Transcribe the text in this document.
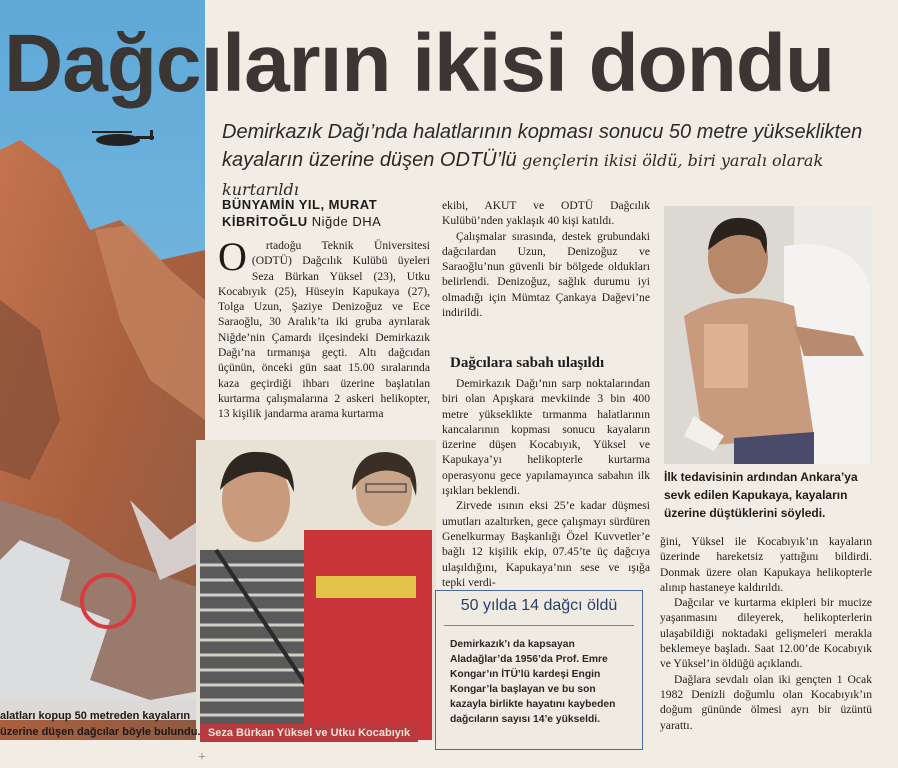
Dağcıların ikisi dondu
Demirkazık Dağı’nda halatlarının kopması sonucu 50 metre yükseklikten
kayaların üzerine düşen ODTÜ’lü gençlerin ikisi öldü, biri yaralı olarak kurtarıldı
BÜNYAMİN YIL, MURAT
KİBRİTOĞLU Niğde DHA
O	rtadoğu Teknik Üniversitesi (ODTÜ) Dağcılık Kulübü üyeleri Seza Bürkan Yüksel (23), Utku Kocabıyık (25), Hüseyin Kapukaya (27), Tolga Uzun, Şaziye Denizoğuz ve Ece Saraoğlu, 30 Aralık’ta iki gruba ayrılarak Niğde’nin Çamardı ilçesindeki Demirkazık Dağı’na tırmanışa geçti. Altı dağcıdan üçünün, önceki gün saat 15.00 sıralarında kaza geçirdiği ihbarı üzerine başlatılan kurtarma çalışmalarına 2 askeri helikopter, 13 kişilik jandarma arama kurtarma

Seza Bürkan Yüksel ve Utku Kocabıyık
alatları kopup 50 metreden kayaların üzerine düşen dağcılar böyle bulundu.

ekibi, AKUT ve ODTÜ Dağcılık Kulübü’nden yaklaşık 40 kişi katıldı.

Çalışmalar sırasında, destek grubundaki dağcılardan Uzun, Denizoğuz ve Saraoğlu’nun güvenli bir bölgede oldukları belirlendi. Denizoğuz, sağlık durumu iyi olmadığı için Mümtaz Çankaya Dağevi’ne indirildi.

Dağcılara sabah ulaşıldı

Demirkazık Dağı’nın sarp noktalarından biri olan Apışkara mevkiinde 3 bin 400 metre yükseklikte tırmanma halatlarının kancalarının kopması sonucu kayaların üzerine düşen Kocabıyık, Yüksel ve Kapukaya’yı helikopterle kurtarma operasyonu gece yapılamayınca sabahın ilk ışıkları beklendi.

Zirvede ısının eksi 25’e kadar düşmesi umutları azaltırken, gece çalışmayı sürdüren Genelkurmay Başkanlığı Özel Kuvvetler’e bağlı 12 kişilik ekip, 07.45’te üç dağcıya ulaşıldığını, Kapukaya’nın sese ve ışığa tepki verdi-

50 yılda 14 dağcı öldü
Demirkazık’ı da kapsayan Aladağlar’da 1956’da Prof. Emre Kongar’ın İTÜ’lü kardeşi Engin Kongar’la başlayan ve bu son kazayla birlikte hayatını kaybeden dağcıların sayısı 14’e yükseldi.
İlk tedavisinin ardından Ankara’ya sevk edilen Kapukaya, kayaların üzerine düştüklerini söyledi.

ğini, Yüksel ile Kocabıyık’ın kayaların üzerinde hareketsiz yattığını bildirdi. Donmak üzere olan Kapukaya helikopterle alınıp hastaneye kaldırıldı.

Dağcılar ve kurtarma ekipleri bir mucize yaşanmasını dileyerek, helikopterlerin ulaşabildiği noktadaki gelişmeleri merakla beklemeye başladı. Saat 12.00’de Kocabıyık ve Yüksel’in öldüğü açıklandı.

Dağlara sevdalı olan iki gençten 1 Ocak 1982 Denizli doğumlu olan Kocabıyık’ın doğum gününde ölmesi ayrı bir üzüntü yarattı.

+
